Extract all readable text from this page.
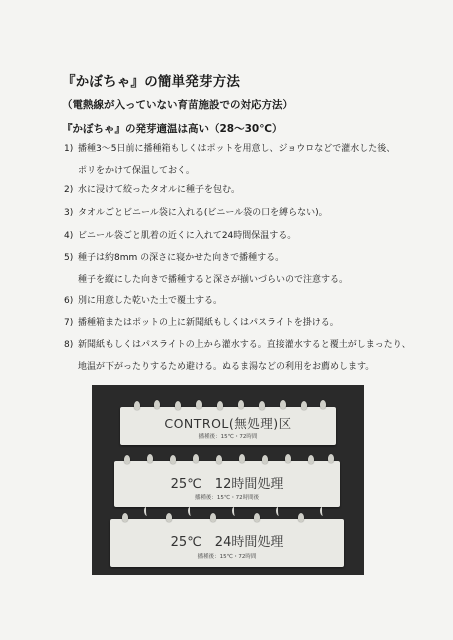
『かぼちゃ』の簡単発芽方法
（電熱線が入っていない育苗施設での対応方法）
『かぼちゃ』の発芽適温は高い（28〜30℃）
1) 播種3〜5日前に播種箱もしくはポットを用意し、ジョウロなどで灌水した後、
ポリをかけて保温しておく。
2) 水に浸けて絞ったタオルに種子を包む。
3) タオルごとビニール袋に入れる(ビニール袋の口を縛らない)。
4) ビニール袋ごと肌着の近くに入れて24時間保温する。
5) 種子は約8mm の深さに寝かせた向きで播種する。
種子を縦にした向きで播種すると深さが揃いづらいので注意する。
6) 別に用意した乾いた土で覆土する。
7) 播種箱またはポットの上に新聞紙もしくはパスライトを掛ける。
8) 新聞紙もしくはパスライトの上から灌水する。直接灌水すると覆土がしまったり、
地温が下がったりするため避ける。ぬるま湯などの利用をお薦めします。
CONTROL(無処理)区
播種後：15℃・72時間
25℃　12時間処理
播種後：15℃・72時間後
25℃　24時間処理
播種後：15℃・72時間
